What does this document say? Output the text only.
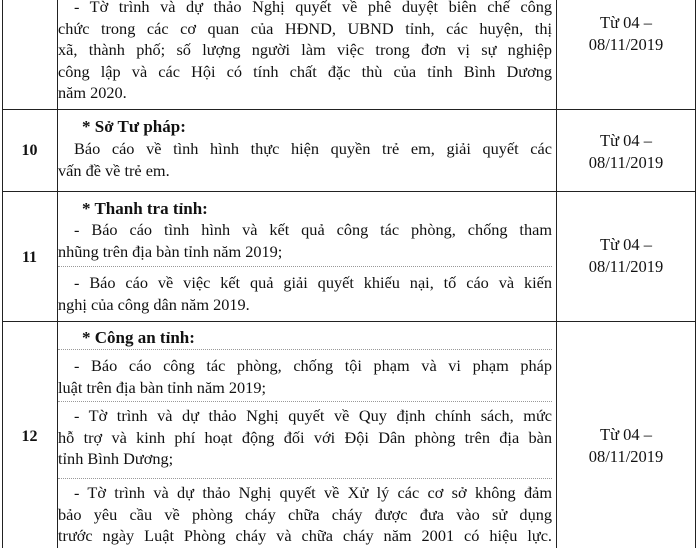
Từ 04 –
08/11/2019
- Tờ trình và dự thảo Nghị quyết về phê duyệt biên chế công
chức trong các cơ quan của HĐND, UBND tỉnh, các huyện, thị
xã, thành phố; số lượng người làm việc trong đơn vị sự nghiệp
công lập và các Hội có tính chất đặc thù của tỉnh Bình Dương
năm 2020.
10
* Sở Tư pháp:
Từ 04 –
08/11/2019
Báo cáo về tình hình thực hiện quyền trẻ em, giải quyết các
vấn đề về trẻ em.
11
* Thanh tra tỉnh:
Từ 04 –
08/11/2019
- Báo cáo tình hình và kết quả công tác phòng, chống tham
nhũng trên địa bàn tỉnh năm 2019;
- Báo cáo về việc kết quả giải quyết khiếu nại, tố cáo và kiến
nghị của công dân năm 2019.
12
* Công an tỉnh:
Từ 04 –
08/11/2019
- Báo cáo công tác phòng, chống tội phạm và vi phạm pháp
luật trên địa bàn tỉnh năm 2019;
- Tờ trình và dự thảo Nghị quyết về Quy định chính sách, mức
hỗ trợ và kinh phí hoạt động đối với Đội Dân phòng trên địa bàn
tỉnh Bình Dương;
- Tờ trình và dự thảo Nghị quyết về Xử lý các cơ sở không đảm
bảo yêu cầu về phòng cháy chữa cháy được đưa vào sử dụng
trước ngày Luật Phòng cháy và chữa cháy năm 2001 có hiệu lực.
